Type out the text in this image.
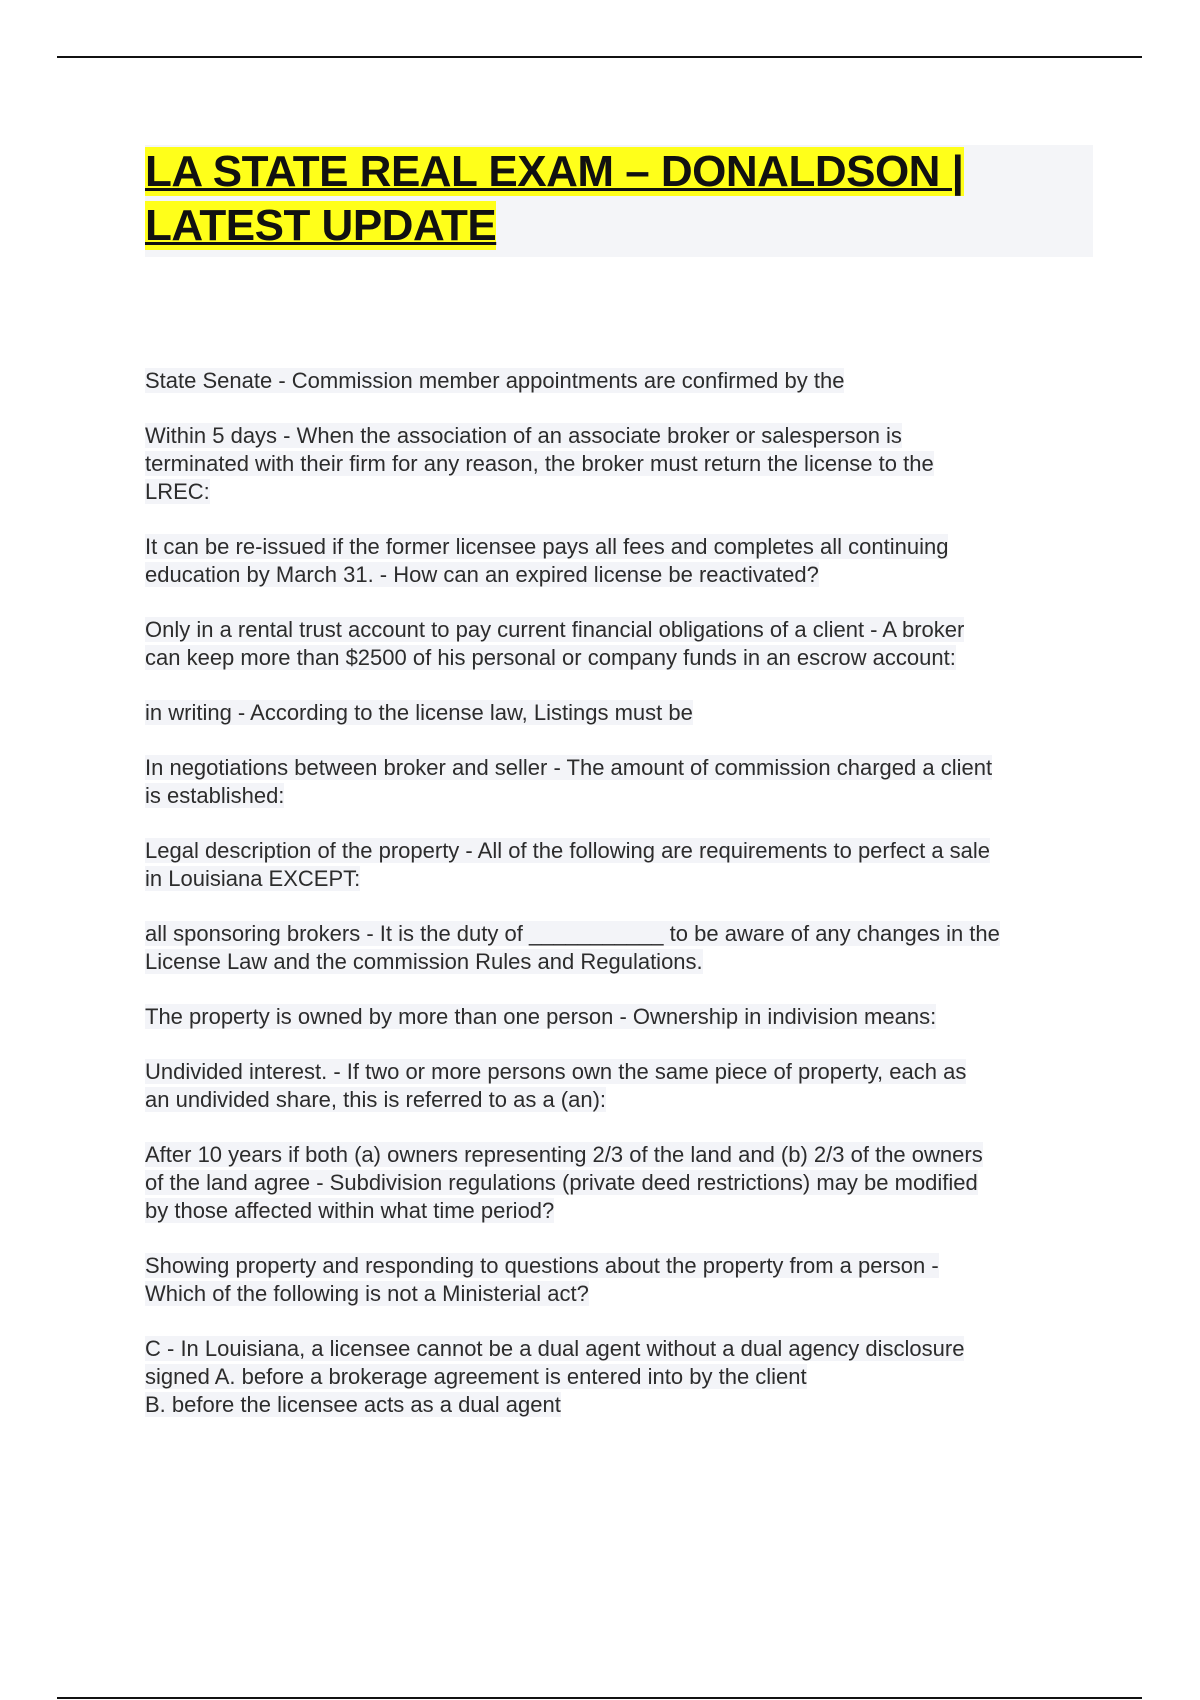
LA STATE REAL EXAM – DONALDSON |
LATEST UPDATE
State Senate - Commission member appointments are confirmed by the
Within 5 days - When the association of an associate broker or salesperson is
terminated with their firm for any reason, the broker must return the license to the
LREC:
It can be re-issued if the former licensee pays all fees and completes all continuing
education by March 31. - How can an expired license be reactivated?
Only in a rental trust account to pay current financial obligations of a client - A broker
can keep more than $2500 of his personal or company funds in an escrow account:
in writing - According to the license law, Listings must be
In negotiations between broker and seller - The amount of commission charged a client
is established:
Legal description of the property - All of the following are requirements to perfect a sale
in Louisiana EXCEPT:
all sponsoring brokers - It is the duty of ___________ to be aware of any changes in the
License Law and the commission Rules and Regulations.
The property is owned by more than one person - Ownership in indivision means:
Undivided interest. - If two or more persons own the same piece of property, each as
an undivided share, this is referred to as a (an):
After 10 years if both (a) owners representing 2/3 of the land and (b) 2/3 of the owners
of the land agree - Subdivision regulations (private deed restrictions) may be modified
by those affected within what time period?
Showing property and responding to questions about the property from a person -
Which of the following is not a Ministerial act?
C - In Louisiana, a licensee cannot be a dual agent without a dual agency disclosure
signed A. before a brokerage agreement is entered into by the client
B. before the licensee acts as a dual agent
